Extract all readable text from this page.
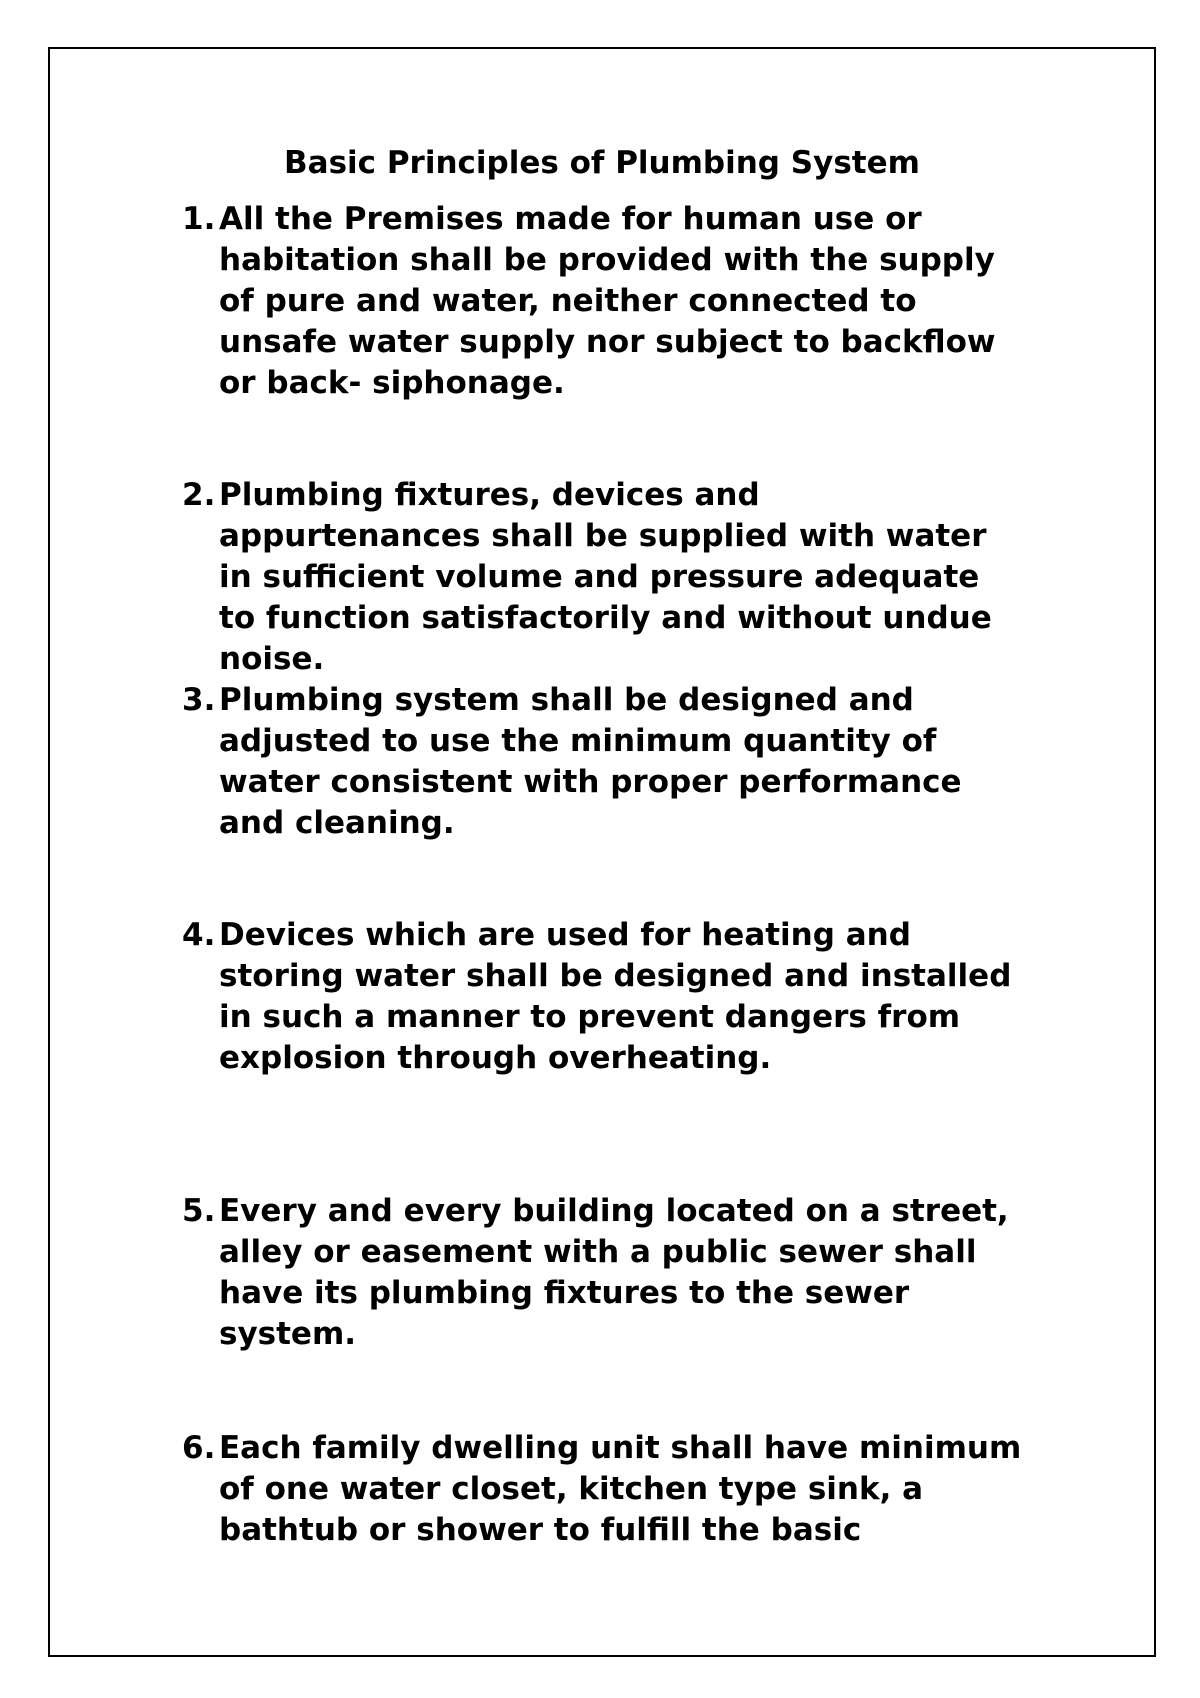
Basic Principles of Plumbing System
1. All the Premises made for human use or
habitation shall be provided with the supply
of pure and water, neither connected to
unsafe water supply nor subject to backflow
or back- siphonage.
2. Plumbing fixtures, devices and
appurtenances shall be supplied with water
in sufficient volume and pressure adequate
to function satisfactorily and without undue
noise.
3. Plumbing system shall be designed and
adjusted to use the minimum quantity of
water consistent with proper performance
and cleaning.
4. Devices which are used for heating and
storing water shall be designed and installed
in such a manner to prevent dangers from
explosion through overheating.
5. Every and every building located on a street,
alley or easement with a public sewer shall
have its plumbing fixtures to the sewer
system.
6. Each family dwelling unit shall have minimum
of one water closet, kitchen type sink, a
bathtub or shower to fulfill the basic
